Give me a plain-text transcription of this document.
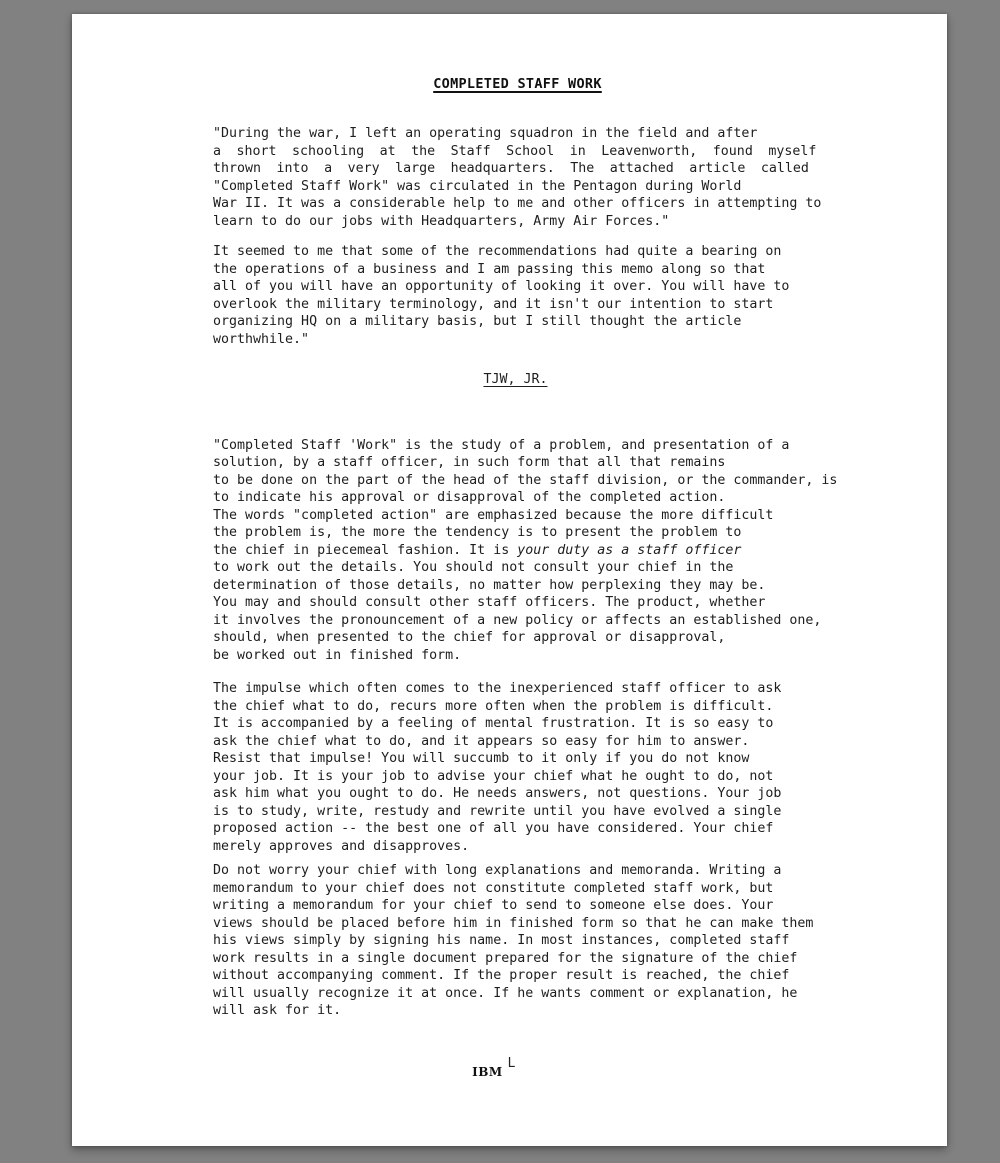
COMPLETED STAFF WORK
"During the war, I left an operating squadron in the field and after
a short schooling at the Staff School in Leavenworth, found myself
thrown into a very large headquarters. The attached article called
"Completed Staff Work" was circulated in the Pentagon during World
War II. It was a considerable help to me and other officers in attempting to
learn to do our jobs with Headquarters, Army Air Forces."
It seemed to me that some of the recommendations had quite a bearing on
the operations of a business and I am passing this memo along so that
all of you will have an opportunity of looking it over. You will have to
overlook the military terminology, and it isn't our intention to start
organizing HQ on a military basis, but I still thought the article
worthwhile."
TJW, JR.
"Completed Staff 'Work" is the study of a problem, and presentation of a
solution, by a staff officer, in such form that all that remains
to be done on the part of the head of the staff division, or the commander, is
to indicate his approval or disapproval of the completed action.
The words "completed action" are emphasized because the more difficult
the problem is, the more the tendency is to present the problem to
the chief in piecemeal fashion. It is your duty as a staff officer
to work out the details. You should not consult your chief in the
determination of those details, no matter how perplexing they may be.
You may and should consult other staff officers. The product, whether
it involves the pronouncement of a new policy or affects an established one,
should, when presented to the chief for approval or disapproval,
be worked out in finished form.
The impulse which often comes to the inexperienced staff officer to ask
the chief what to do, recurs more often when the problem is difficult.
It is accompanied by a feeling of mental frustration. It is so easy to
ask the chief what to do, and it appears so easy for him to answer.
Resist that impulse! You will succumb to it only if you do not know
your job. It is your job to advise your chief what he ought to do, not
ask him what you ought to do. He needs answers, not questions. Your job
is to study, write, restudy and rewrite until you have evolved a single
proposed action -- the best one of all you have considered. Your chief
merely approves and disapproves.
Do not worry your chief with long explanations and memoranda. Writing a
memorandum to your chief does not constitute completed staff work, but
writing a memorandum for your chief to send to someone else does. Your
views should be placed before him in finished form so that he can make them
his views simply by signing his name. In most instances, completed staff
work results in a single document prepared for the signature of the chief
without accompanying comment. If the proper result is reached, the chief
will usually recognize it at once. If he wants comment or explanation, he
will ask for it.
IBM
L
